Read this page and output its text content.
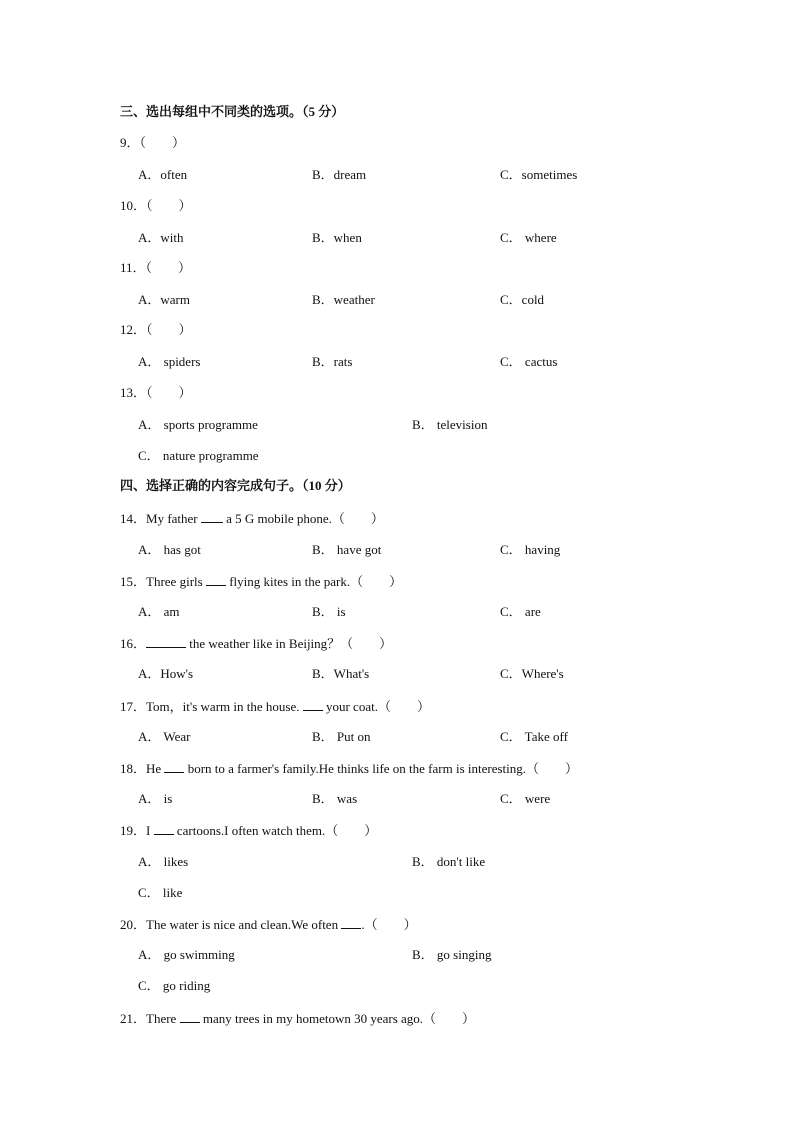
三、选出每组中不同类的选项。（5 分）
9．（　　）
A．often	B．dream	C．sometimes
10．（　　）
A．with	B．when	C． where
11．（　　）
A．warm	B．weather	C．cold
12．（　　）
A． spiders	B．rats	C． cactus
13．（　　）
A． sports programme	B． television
C． nature programme
四、选择正确的内容完成句子。（10 分）
14．My father a 5 G mobile phone.（　　）
A． has got	B． have got	C． having
15．Three girls flying kites in the park.（　　）
A． am	B． is	C． are
16．	the weather like in Beijing？（　　）
A．How's	B．What's	C．Where's
17．Tom，it's warm in the house. your coat.（　　）
A． Wear	B． Put on	C． Take off
18．He born to a farmer's family.He thinks life on the farm is interesting.（　　）
A． is	B． was	C． were
19．I cartoons.I often watch them.（　　）
A． likes	B． don't like
C． like
20．The water is nice and clean.We often .（　　）
A． go swimming	B． go singing
C． go riding
21．There many trees in my hometown 30 years ago.（　　）
